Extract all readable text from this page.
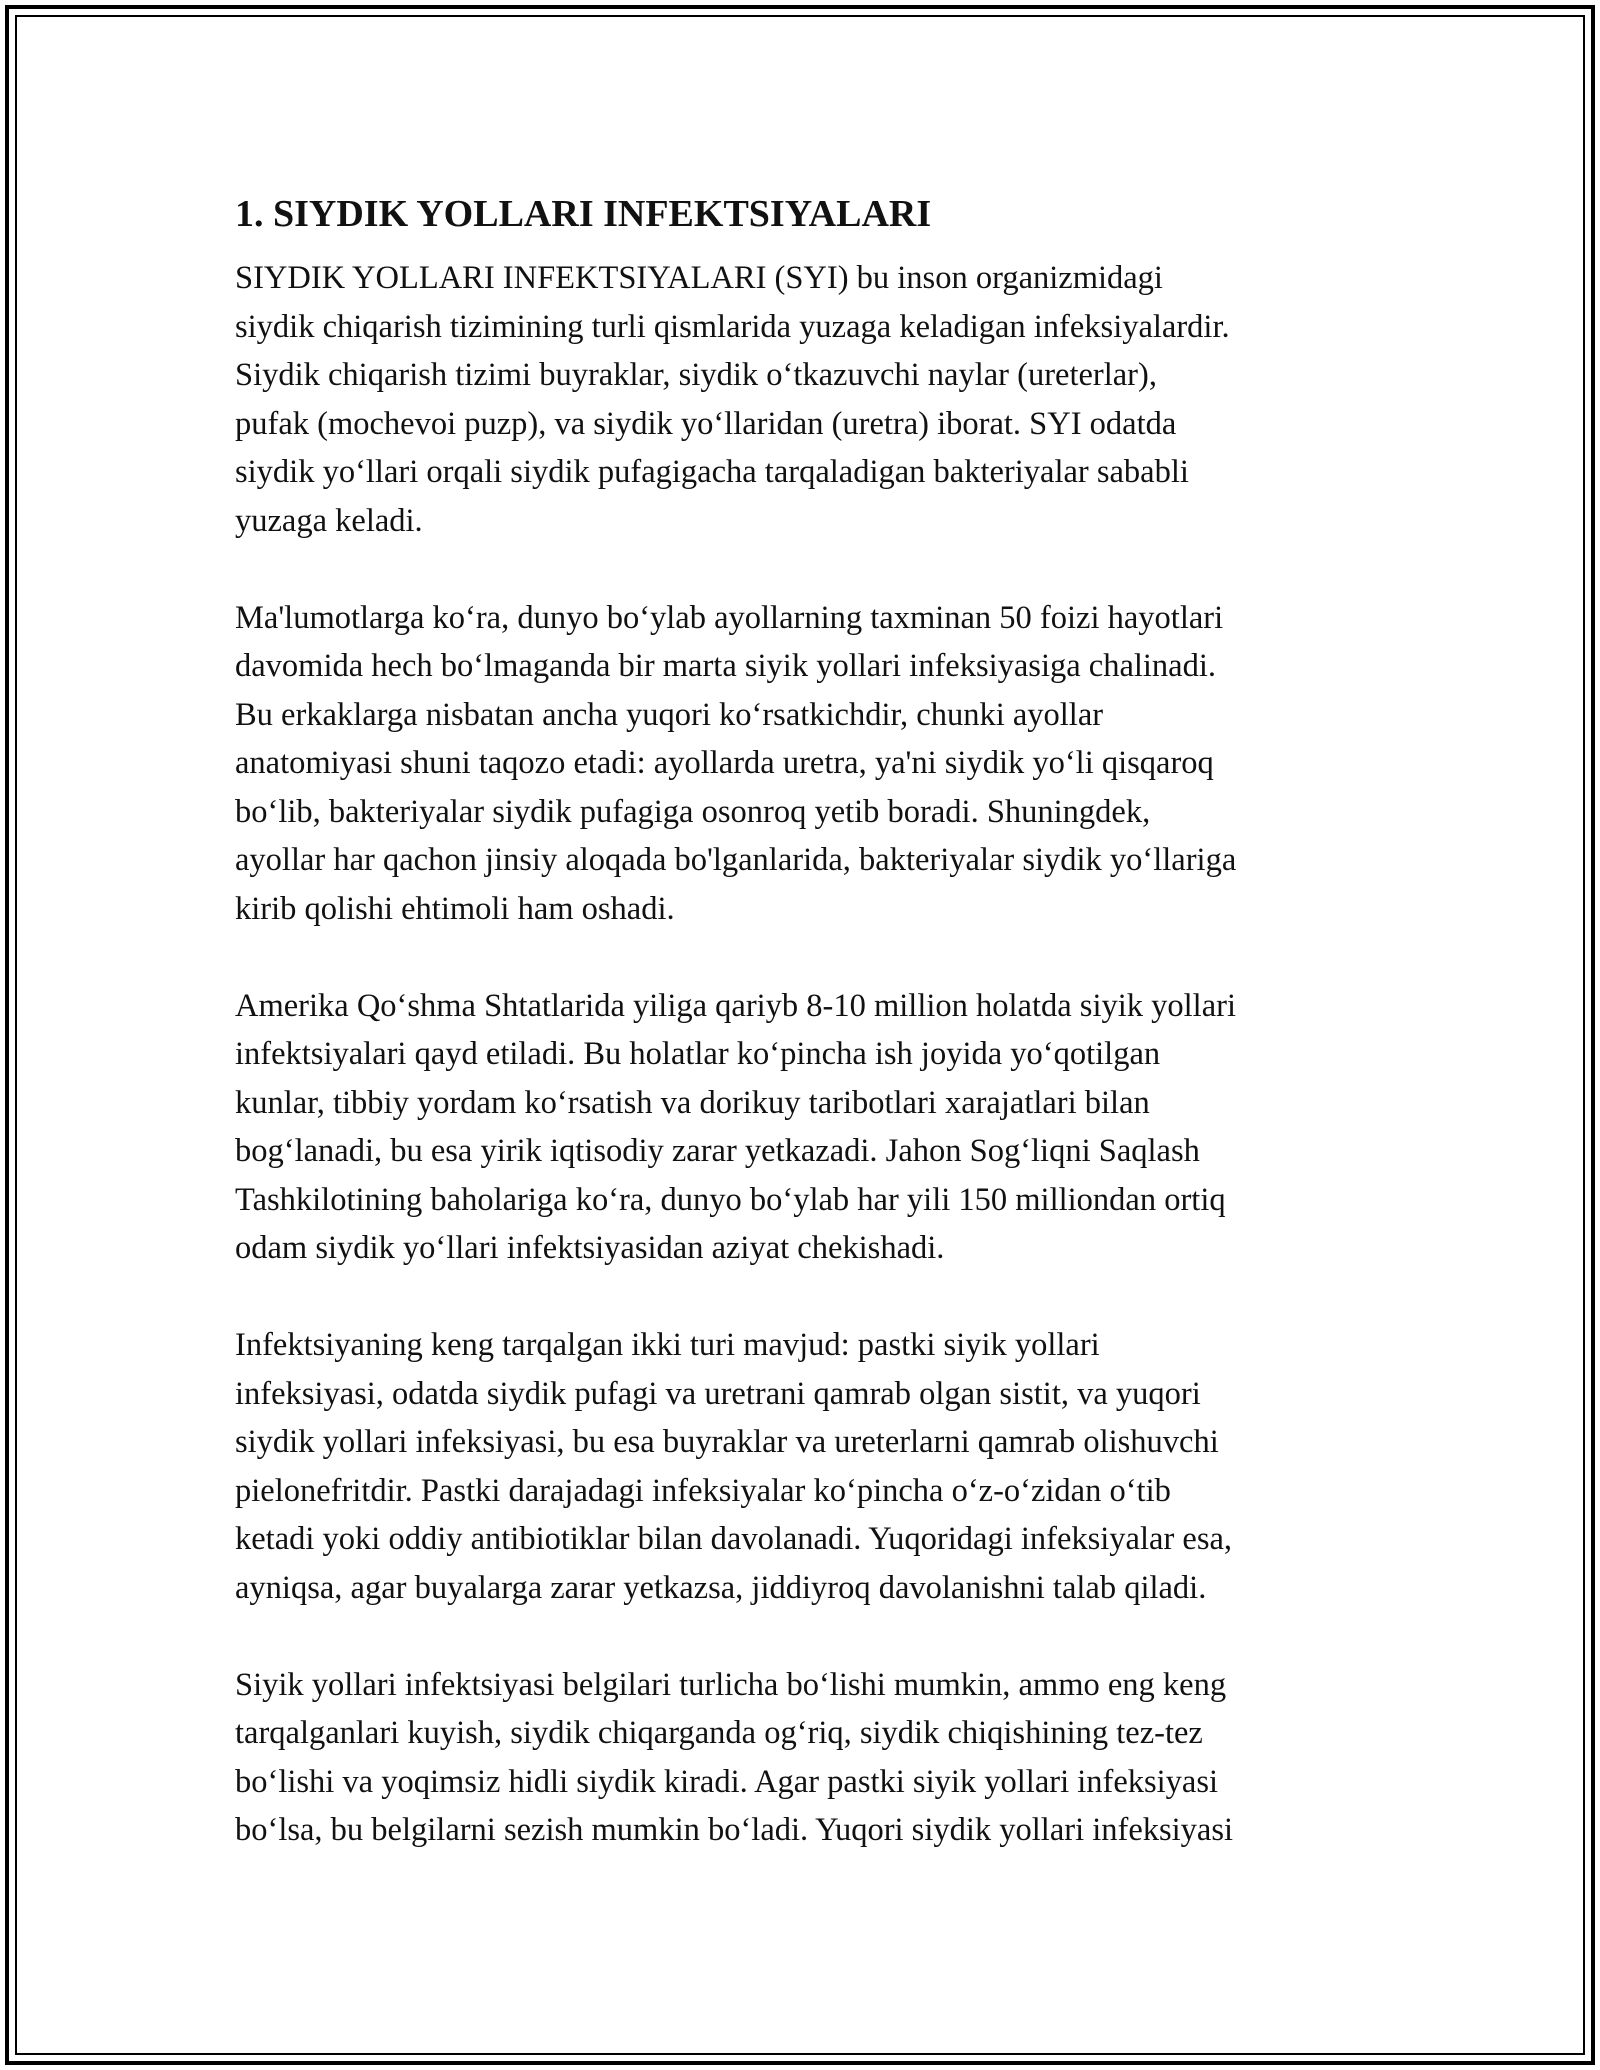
1. SIYDIK YOLLARI INFEKTSIYALARI
SIYDIK YOLLARI INFEKTSIYALARI (SYI) bu inson organizmidagi
siydik chiqarish tizimining turli qismlarida yuzaga keladigan infeksiyalardir.
Siydik chiqarish tizimi buyraklar, siydik o‘tkazuvchi naylar (ureterlar),
pufak (mochevoi puzp), va siydik yo‘llaridan (uretra) iborat. SYI odatda
siydik yo‘llari orqali siydik pufagigacha tarqaladigan bakteriyalar sababli
yuzaga keladi.
Ma'lumotlarga ko‘ra, dunyo bo‘ylab ayollarning taxminan 50 foizi hayotlari
davomida hech bo‘lmaganda bir marta siyik yollari infeksiyasiga chalinadi.
Bu erkaklarga nisbatan ancha yuqori ko‘rsatkichdir, chunki ayollar
anatomiyasi shuni taqozo etadi: ayollarda uretra, ya'ni siydik yo‘li qisqaroq
bo‘lib, bakteriyalar siydik pufagiga osonroq yetib boradi. Shuningdek,
ayollar har qachon jinsiy aloqada bo'lganlarida, bakteriyalar siydik yo‘llariga
kirib qolishi ehtimoli ham oshadi.
Amerika Qo‘shma Shtatlarida yiliga qariyb 8-10 million holatda siyik yollari
infektsiyalari qayd etiladi. Bu holatlar ko‘pincha ish joyida yo‘qotilgan
kunlar, tibbiy yordam ko‘rsatish va dorikuy taribotlari xarajatlari bilan
bog‘lanadi, bu esa yirik iqtisodiy zarar yetkazadi. Jahon Sog‘liqni Saqlash
Tashkilotining baholariga ko‘ra, dunyo bo‘ylab har yili 150 milliondan ortiq
odam siydik yo‘llari infektsiyasidan aziyat chekishadi.
Infektsiyaning keng tarqalgan ikki turi mavjud: pastki siyik yollari
infeksiyasi, odatda siydik pufagi va uretrani qamrab olgan sistit, va yuqori
siydik yollari infeksiyasi, bu esa buyraklar va ureterlarni qamrab olishuvchi
pielonefritdir. Pastki darajadagi infeksiyalar ko‘pincha o‘z-o‘zidan o‘tib
ketadi yoki oddiy antibiotiklar bilan davolanadi. Yuqoridagi infeksiyalar esa,
ayniqsa, agar buyalarga zarar yetkazsa, jiddiyroq davolanishni talab qiladi.
Siyik yollari infektsiyasi belgilari turlicha bo‘lishi mumkin, ammo eng keng
tarqalganlari kuyish, siydik chiqarganda og‘riq, siydik chiqishining tez-tez
bo‘lishi va yoqimsiz hidli siydik kiradi. Agar pastki siyik yollari infeksiyasi
bo‘lsa, bu belgilarni sezish mumkin bo‘ladi. Yuqori siydik yollari infeksiyasi
